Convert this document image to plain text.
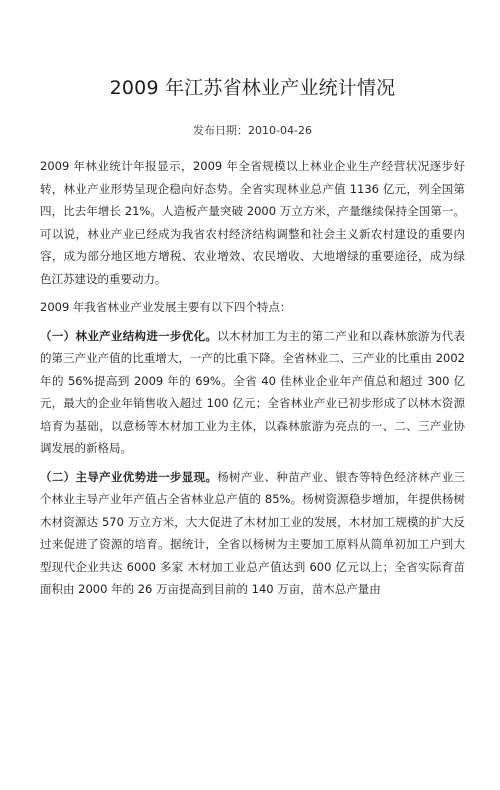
2009 年江苏省林业产业统计情况
发布日期：2010-04-26

2009 年林业统计年报显示，2009 年全省规模以上林业企业生产经营状况逐步好转，林业产业形势呈现企稳向好态势。全省实现林业总产值 1136 亿元，列全国第四，比去年增长 21%。人造板产量突破 2000 万立方米，产量继续保持全国第一。可以说，林业产业已经成为我省农村经济结构调整和社会主义新农村建设的重要内容，成为部分地区地方增税、农业增效、农民增收、大地增绿的重要途径，成为绿色江苏建设的重要动力。

2009 年我省林业产业发展主要有以下四个特点：

（一）林业产业结构进一步优化。以木材加工为主的第二产业和以森林旅游为代表的第三产业产值的比重增大，一产的比重下降。全省林业二、三产业的比重由 2002 年的 56%提高到 2009 年的 69%。全省 40 佳林业企业年产值总和超过 300 亿元，最大的企业年销售收入超过 100 亿元；全省林业产业已初步形成了以林木资源培育为基础，以意杨等木材加工业为主体，以森林旅游为亮点的一、二、三产业协调发展的新格局。

（二）主导产业优势进一步显现。杨树产业、种苗产业、银杏等特色经济林产业三个林业主导产业年产值占全省林业总产值的 85%。杨树资源稳步增加，年提供杨树木材资源达 570 万立方米，大大促进了木材加工业的发展，木材加工规模的扩大反过来促进了资源的培育。据统计，全省以杨树为主要加工原料从简单初加工户到大型现代企业共达 6000 多家 木材加工业总产值达到 600 亿元以上；全省实际育苗面积由 2000 年的 26 万亩提高到目前的 140 万亩，苗木总产量由
